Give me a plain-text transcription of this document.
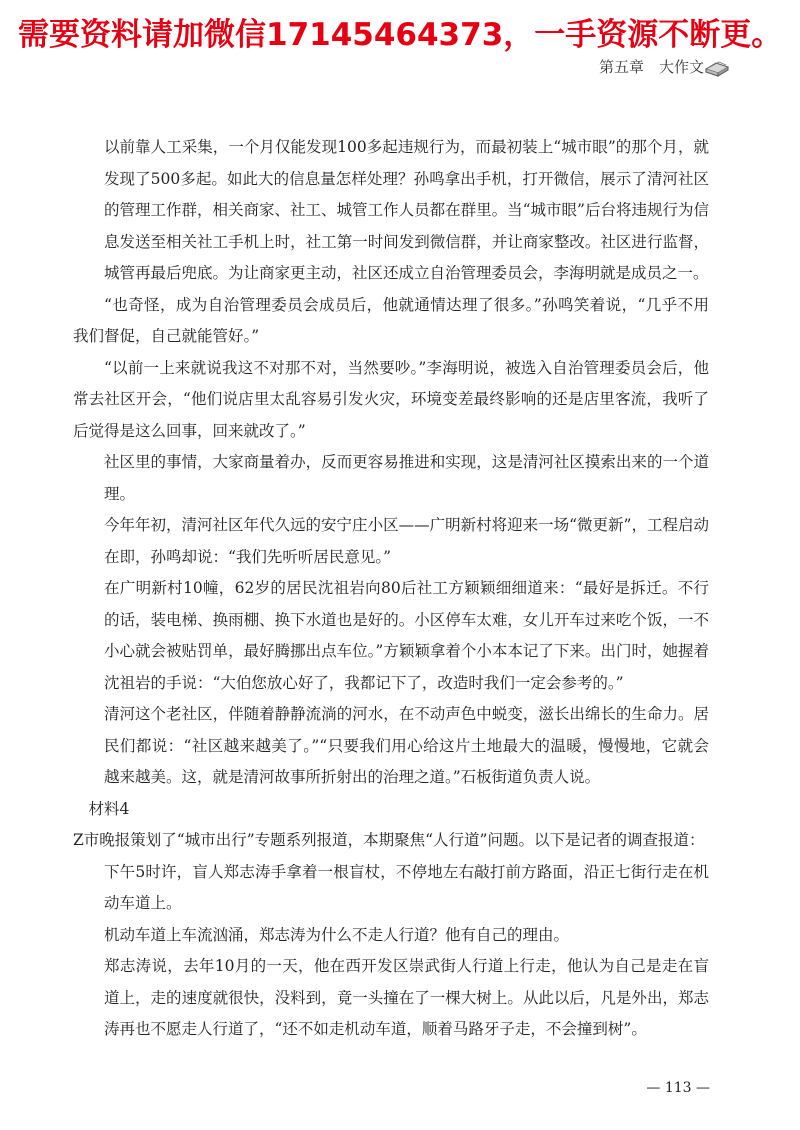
需要资料请加微信17145464373，一手资源不断更。
第五章　大作文

以前靠人工采集，一个月仅能发现100多起违规行为，而最初装上“城市眼”的那个月，就发现了500多起。如此大的信息量怎样处理？孙鸣拿出手机，打开微信，展示了清河社区的管理工作群，相关商家、社工、城管工作人员都在群里。当“城市眼”后台将违规行为信息发送至相关社工手机上时，社工第一时间发到微信群，并让商家整改。社区进行监督，城管再最后兜底。为让商家更主动，社区还成立自治管理委员会，李海明就是成员之一。

“也奇怪，成为自治管理委员会成员后，他就通情达理了很多。”孙鸣笑着说，“几乎不用我们督促，自己就能管好。”

“以前一上来就说我这不对那不对，当然要吵。”李海明说，被选入自治管理委员会后，他常去社区开会，“他们说店里太乱容易引发火灾，环境变差最终影响的还是店里客流，我听了后觉得是这么回事，回来就改了。”

社区里的事情，大家商量着办，反而更容易推进和实现，这是清河社区摸索出来的一个道理。

今年年初，清河社区年代久远的安宁庄小区——广明新村将迎来一场“微更新”，工程启动在即，孙鸣却说：“我们先听听居民意见。”

在广明新村10幢，62岁的居民沈祖岩向80后社工方颖颖细细道来：“最好是拆迁。不行的话，装电梯、换雨棚、换下水道也是好的。小区停车太难，女儿开车过来吃个饭，一不小心就会被贴罚单，最好腾挪出点车位。”方颖颖拿着个小本本记了下来。出门时，她握着沈祖岩的手说：“大伯您放心好了，我都记下了，改造时我们一定会参考的。”

清河这个老社区，伴随着静静流淌的河水，在不动声色中蜕变，滋长出绵长的生命力。居民们都说：“社区越来越美了。”“只要我们用心给这片土地最大的温暖，慢慢地，它就会越来越美。这，就是清河故事所折射出的治理之道。”石板街道负责人说。

材料4

Z市晚报策划了“城市出行”专题系列报道，本期聚焦“人行道”问题。以下是记者的调查报道：

下午5时许，盲人郑志涛手拿着一根盲杖，不停地左右敲打前方路面，沿正七街行走在机动车道上。

机动车道上车流汹涌，郑志涛为什么不走人行道？他有自己的理由。

郑志涛说，去年10月的一天，他在西开发区崇武街人行道上行走，他认为自己是走在盲道上，走的速度就很快，没料到，竟一头撞在了一棵大树上。从此以后，凡是外出，郑志涛再也不愿走人行道了，“还不如走机动车道，顺着马路牙子走，不会撞到树”。

— 113 —
